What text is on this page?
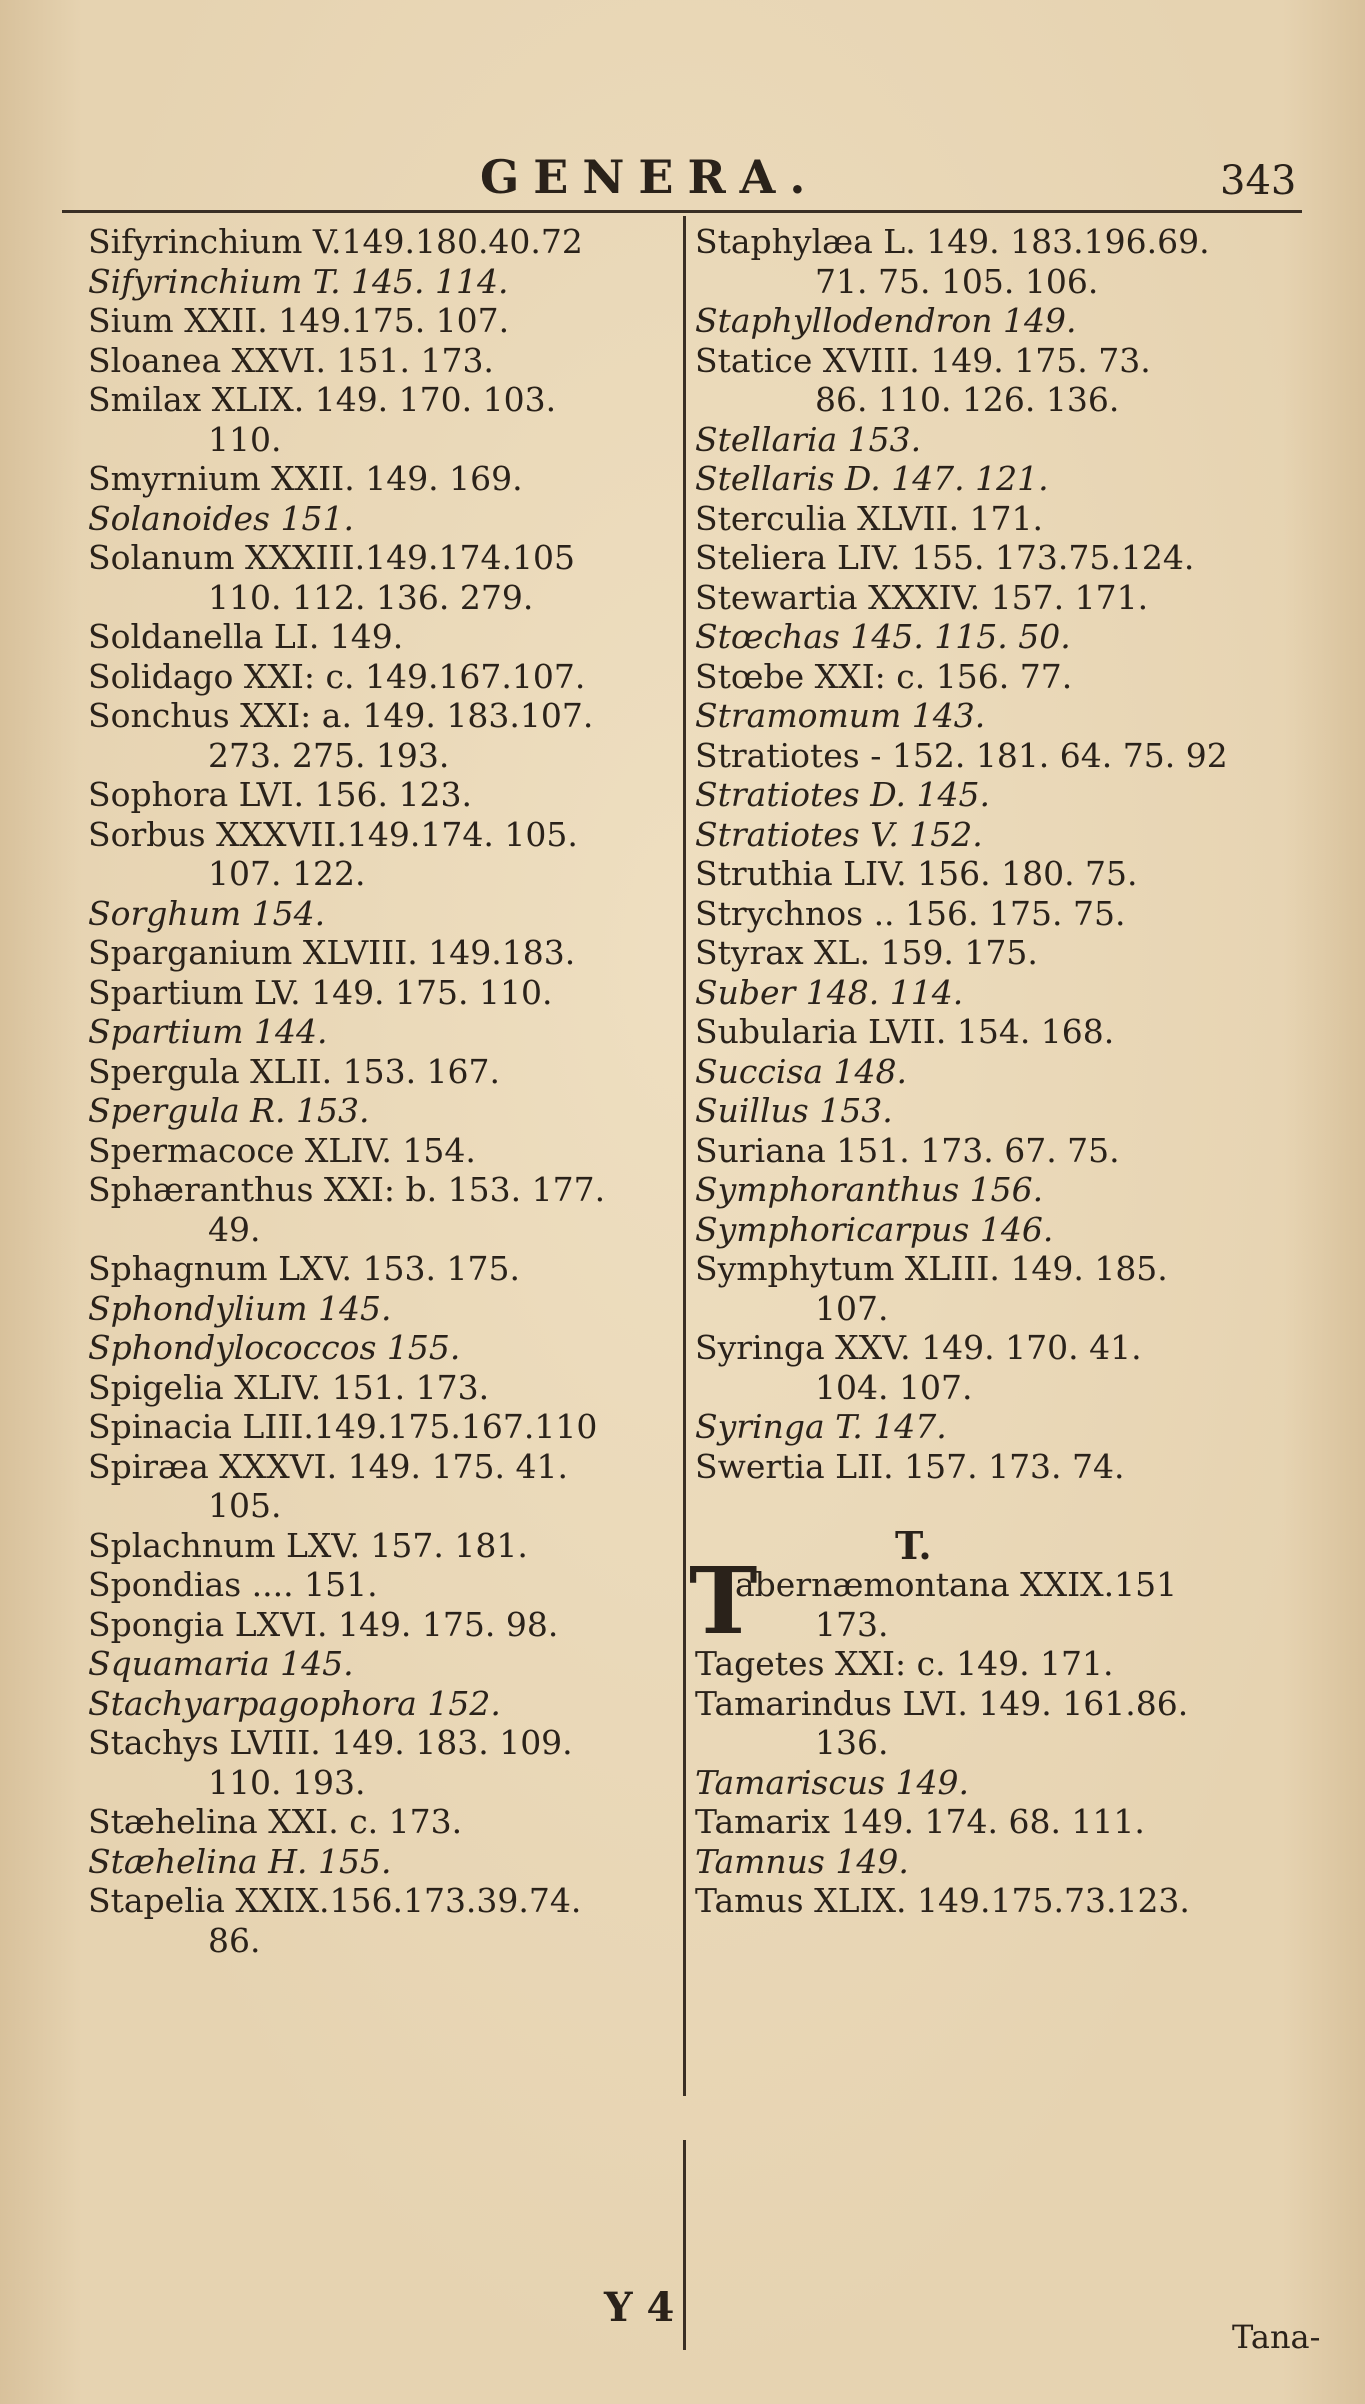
GENERA.	343
Sifyrinchium V.149.180.40.72
Sifyrinchium T. 145. 114.
Sium XXII. 149.175. 107.
Sloanea XXVI. 151. 173.
Smilax XLIX. 149. 170. 103.
110.
Smyrnium XXII. 149. 169.
Solanoides 151.
Solanum XXXIII.149.174.105
110. 112. 136. 279.
Soldanella LI. 149.
Solidago XXI: c. 149.167.107.
Sonchus XXI: a. 149. 183.107.
273. 275. 193.
Sophora LVI. 156. 123.
Sorbus XXXVII.149.174. 105.
107. 122.
Sorghum 154.
Sparganium XLVIII. 149.183.
Spartium LV. 149. 175. 110.
Spartium 144.
Spergula XLII. 153. 167.
Spergula R. 153.
Spermacoce XLIV. 154.
Sphæranthus XXI: b. 153. 177.
49.
Sphagnum LXV. 153. 175.
Sphondylium 145.
Sphondylococcos 155.
Spigelia XLIV. 151. 173.
Spinacia LIII.149.175.167.110
Spiræa XXXVI. 149. 175. 41.
105.
Splachnum LXV. 157. 181.
Spondias .... 151.
Spongia LXVI. 149. 175. 98.
Squamaria 145.
Stachyarpagophora 152.
Stachys LVIII. 149. 183. 109.
110. 193.
Stæhelina XXI. c. 173.
Stæhelina H. 155.
Stapelia XXIX.156.173.39.74.
86.
Staphylæa L. 149. 183.196.69.
71. 75. 105. 106.
Staphyllodendron 149.
Statice XVIII. 149. 175. 73.
86. 110. 126. 136.
Stellaria 153.
Stellaris D. 147. 121.
Sterculia XLVII. 171.
Steliera LIV. 155. 173.75.124.
Stewartia XXXIV. 157. 171.
Stœchas 145. 115. 50.
Stœbe XXI: c. 156. 77.
Stramomum 143.
Stratiotes - 152. 181. 64. 75. 92
Stratiotes D. 145.
Stratiotes V. 152.
Struthia LIV. 156. 180. 75.
Strychnos .. 156. 175. 75.
Styrax XL. 159. 175.
Suber 148. 114.
Subularia LVII. 154. 168.
Succisa 148.
Suillus 153.
Suriana 151. 173. 67. 75.
Symphoranthus 156.
Symphoricarpus 146.
Symphytum XLIII. 149. 185.
107.
Syringa XXV. 149. 170. 41.
104. 107.
Syringa T. 147.
Swertia LII. 157. 173. 74.
T.
T
abernæmontana XXIX.151
173.
Tagetes XXI: c. 149. 171.
Tamarindus LVI. 149. 161.86.
136.
Tamariscus 149.
Tamarix 149. 174. 68. 111.
Tamnus 149.
Tamus XLIX. 149.175.73.123.
Y 4
Tana-
